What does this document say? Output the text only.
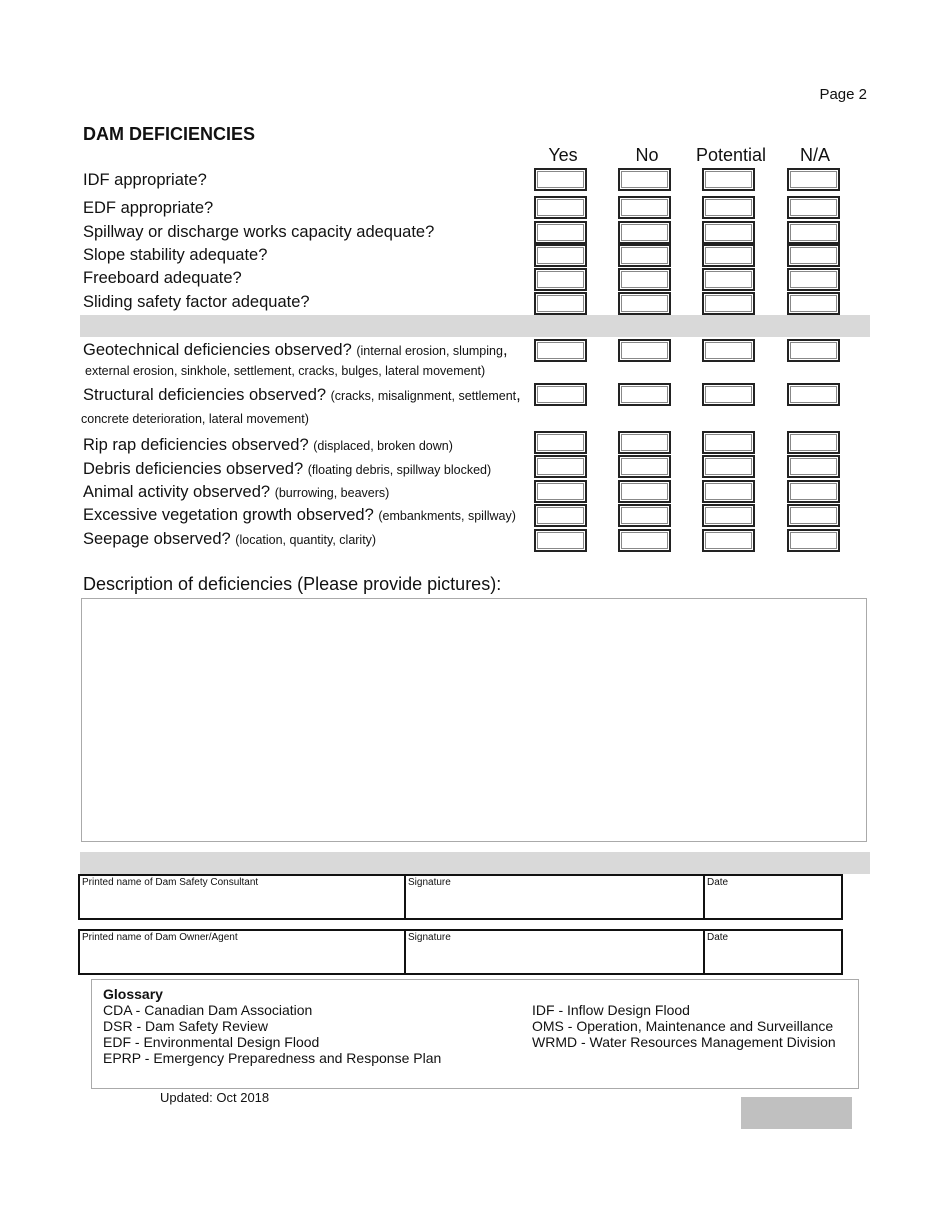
Page 2
DAM DEFICIENCIES
Yes	No	Potential	N/A
IDF appropriate?
EDF appropriate?
Spillway or discharge works capacity adequate?
Slope stability adequate?
Freeboard adequate?
Sliding safety factor adequate?
Geotechnical deficiencies observed? (internal erosion, slumping,
external erosion, sinkhole, settlement, cracks, bulges, lateral movement)
Structural deficiencies observed? (cracks, misalignment, settlement,
concrete deterioration, lateral movement)
Rip rap deficiencies observed? (displaced, broken down)
Debris deficiencies observed? (floating debris, spillway blocked)
Animal activity observed? (burrowing, beavers)
Excessive vegetation growth observed? (embankments, spillway)
Seepage observed? (location, quantity, clarity)
Description of deficiencies (Please provide pictures):
Printed name of Dam Safety Consultant	Signature	Date
Printed name of Dam Owner/Agent	Signature	Date
Glossary
CDA - Canadian Dam Association
DSR - Dam Safety Review
EDF - Environmental Design Flood
EPRP - Emergency Preparedness and Response Plan
IDF - Inflow Design Flood
OMS - Operation, Maintenance and Surveillance
WRMD - Water Resources Management Division
Updated: Oct 2018
